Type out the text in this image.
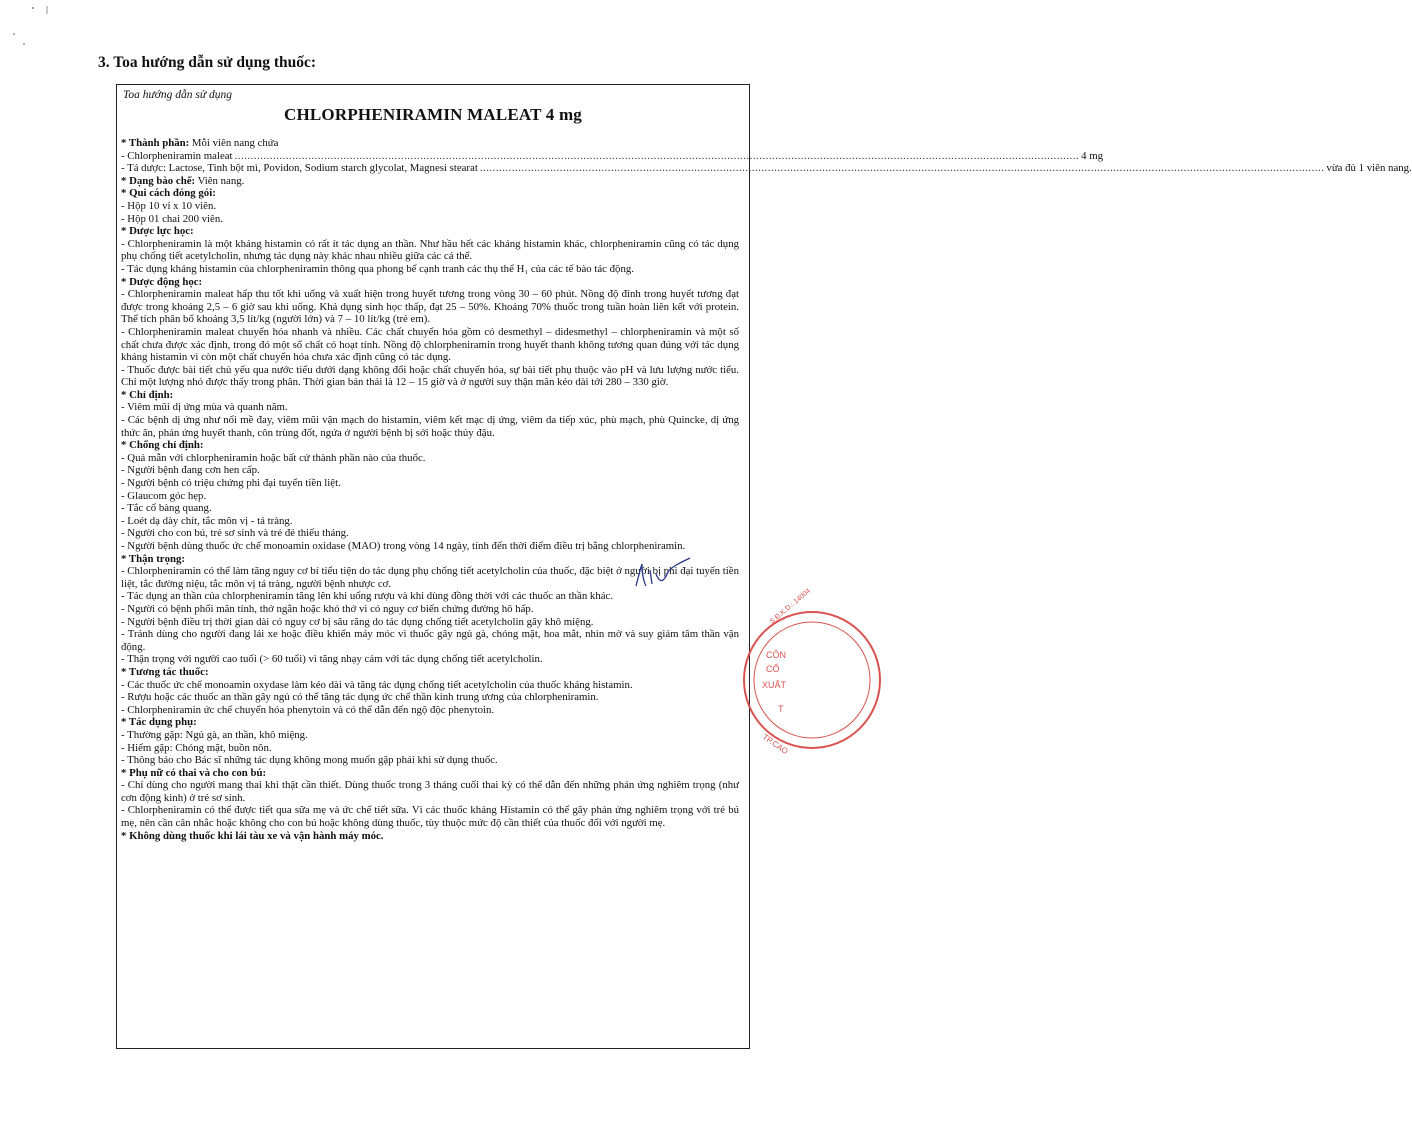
3. Toa hướng dẫn sử dụng thuốc:
Toa hướng dẫn sử dụng
CHLORPHENIRAMIN MALEAT 4 mg

* Thành phần: Mỗi viên nang chứa

- Chlorpheniramin maleat .....	4 mg
- Tá dược: Lactose, Tinh bột mì, Povidon, Sodium starch glycolat, Magnesi stearat .....	vừa đủ 1 viên nang.

* Dạng bào chế: Viên nang.

* Qui cách đóng gói:

- Hộp 10 vỉ x 10 viên.

- Hộp 01 chai 200 viên.

* Dược lực học:

- Chlorpheniramin là một kháng histamin có rất ít tác dụng an thần. Như hầu hết các kháng histamin khác, chlorpheniramin cũng có tác dụng phụ chống tiết acetylcholin, nhưng tác dụng này khác nhau nhiều giữa các cá thể.

- Tác dụng kháng histamin của chlorpheniramin thông qua phong bế cạnh tranh các thụ thể H₁ của các tế bào tác động.

* Dược động học:

- Chlorpheniramin maleat hấp thu tốt khi uống và xuất hiện trong huyết tương trong vòng 30 – 60 phút. Nồng độ đỉnh trong huyết tương đạt được trong khoảng 2,5 – 6 giờ sau khi uống. Khả dụng sinh học thấp, đạt 25 – 50%. Khoảng 70% thuốc trong tuần hoàn liên kết với protein. Thể tích phân bố khoảng 3,5 lít/kg (người lớn) và 7 – 10 lít/kg (trẻ em).

- Chlorpheniramin maleat chuyển hóa nhanh và nhiều. Các chất chuyển hóa gồm có desmethyl – didesmethyl – chlorpheniramin và một số chất chưa được xác định, trong đó một số chất có hoạt tính. Nồng độ chlorpheniramin trong huyết thanh không tương quan đúng với tác dụng kháng histamin vì còn một chất chuyển hóa chưa xác định cũng có tác dụng.

- Thuốc được bài tiết chủ yếu qua nước tiểu dưới dạng không đổi hoặc chất chuyển hóa, sự bài tiết phụ thuộc vào pH và lưu lượng nước tiểu. Chỉ một lượng nhỏ được thấy trong phân. Thời gian bán thải là 12 – 15 giờ và ở người suy thận mãn kéo dài tới 280 – 330 giờ.

* Chỉ định:

- Viêm mũi dị ứng mùa và quanh năm.

- Các bệnh dị ứng như nổi mề đay, viêm mũi vận mạch do histamin, viêm kết mạc dị ứng, viêm da tiếp xúc, phù mạch, phù Quincke, dị ứng thức ăn, phản ứng huyết thanh, côn trùng đốt, ngứa ở người bệnh bị sởi hoặc thủy đậu.

* Chống chỉ định:

- Quá mẫn với chlorpheniramin hoặc bất cứ thành phần nào của thuốc.

- Người bệnh đang cơn hen cấp.

- Người bệnh có triệu chứng phì đại tuyến tiền liệt.

- Glaucom góc hẹp.

- Tắc cổ bàng quang.

- Loét dạ dày chít, tắc môn vị - tá tràng.

- Người cho con bú, trẻ sơ sinh và trẻ đẻ thiếu tháng.

- Người bệnh dùng thuốc ức chế monoamin oxidase (MAO) trong vòng 14 ngày, tính đến thời điểm điều trị bằng chlorpheniramin.

* Thận trọng:

- Chlorpheniramin có thể làm tăng nguy cơ bí tiểu tiện do tác dụng phụ chống tiết acetylcholin của thuốc, đặc biệt ở người bị phì đại tuyến tiền liệt, tắc đường niệu, tắc môn vị tá tràng, người bệnh nhược cơ.

- Tác dụng an thần của chlorpheniramin tăng lên khi uống rượu và khi dùng đồng thời với các thuốc an thần khác.

- Người có bệnh phổi mãn tính, thở ngắn hoặc khó thở vì có nguy cơ biến chứng đường hô hấp.

- Người bệnh điều trị thời gian dài có nguy cơ bị sâu răng do tác dụng chống tiết acetylcholin gây khô miệng.

- Tránh dùng cho người đang lái xe hoặc điều khiển máy móc vì thuốc gây ngủ gà, chóng mặt, hoa mắt, nhìn mờ và suy giảm tâm thần vận động.

- Thận trọng với người cao tuổi (> 60 tuổi) vì tăng nhạy cảm với tác dụng chống tiết acetylcholin.

* Tương tác thuốc:

- Các thuốc ức chế monoamin oxydase làm kéo dài và tăng tác dụng chống tiết acetylcholin của thuốc kháng histamin.

- Rượu hoặc các thuốc an thần gây ngủ có thể tăng tác dụng ức chế thần kinh trung ương của chlorpheniramin.

- Chlorpheniramin ức chế chuyển hóa phenytoin và có thể dẫn đến ngộ độc phenytoin.

* Tác dụng phụ:

- Thường gặp: Ngủ gà, an thần, khô miệng.

- Hiếm gặp: Chóng mặt, buồn nôn.

- Thông báo cho Bác sĩ những tác dụng không mong muốn gặp phải khi sử dụng thuốc.

* Phụ nữ có thai và cho con bú:

- Chỉ dùng cho người mang thai khi thật cần thiết. Dùng thuốc trong 3 tháng cuối thai kỳ có thể dẫn đến những phản ứng nghiêm trọng (như cơn động kinh) ở trẻ sơ sinh.

- Chlorpheniramin có thể được tiết qua sữa mẹ và ức chế tiết sữa. Vì các thuốc kháng Histamin có thể gây phản ứng nghiêm trọng với trẻ bú mẹ, nên cần cân nhắc hoặc không cho con bú hoặc không dùng thuốc, tùy thuộc mức độ cần thiết của thuốc đối với người mẹ.

* Không dùng thuốc khi lái tàu xe và vận hành máy móc.

S.Đ.K.D.: 14004
CÔN
CỔ
XUẤT
T
TP.CAO
